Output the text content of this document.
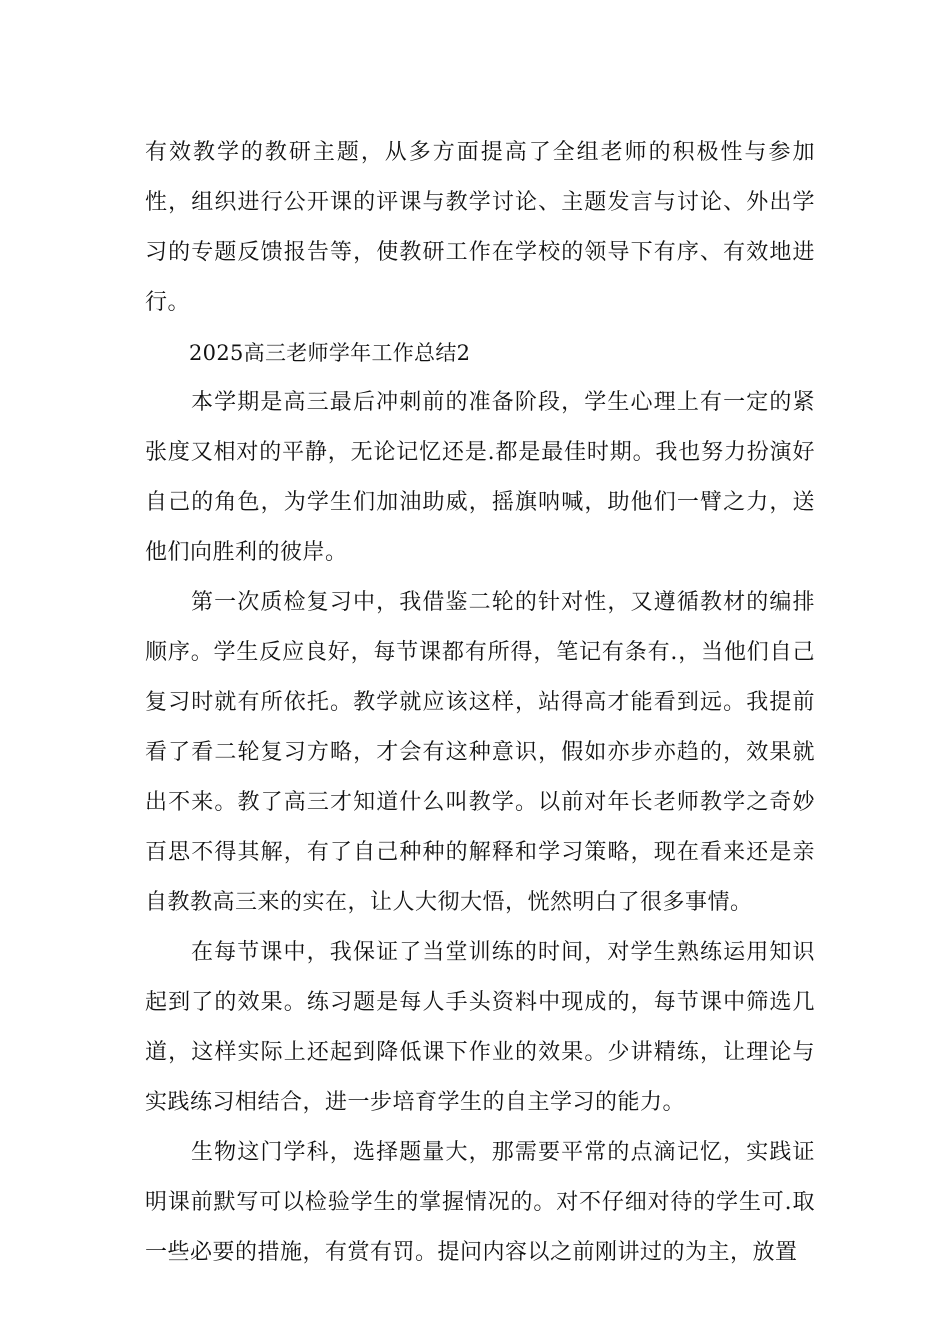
有效教学的教研主题，从多方面提高了全组老师的积极性与参加性，组织进行公开课的评课与教学讨论、主题发言与讨论、外出学习的专题反馈报告等，使教研工作在学校的领导下有序、有效地进行。

2025高三老师学年工作总结2

本学期是高三最后冲刺前的准备阶段，学生心理上有一定的紧张度又相对的平静，无论记忆还是.都是最佳时期。我也努力扮演好自己的角色，为学生们加油助威，摇旗呐喊，助他们一臂之力，送他们向胜利的彼岸。

第一次质检复习中，我借鉴二轮的针对性，又遵循教材的编排顺序。学生反应良好，每节课都有所得，笔记有条有.，当他们自己复习时就有所依托。教学就应该这样，站得高才能看到远。我提前看了看二轮复习方略，才会有这种意识，假如亦步亦趋的，效果就出不来。教了高三才知道什么叫教学。以前对年长老师教学之奇妙百思不得其解，有了自己种种的解释和学习策略，现在看来还是亲自教教高三来的实在，让人大彻大悟，恍然明白了很多事情。

在每节课中，我保证了当堂训练的时间，对学生熟练运用知识起到了的效果。练习题是每人手头资料中现成的，每节课中筛选几道，这样实际上还起到降低课下作业的效果。少讲精练，让理论与实践练习相结合，进一步培育学生的自主学习的能力。

生物这门学科，选择题量大，那需要平常的点滴记忆，实践证明课前默写可以检验学生的掌握情况的。对不仔细对待的学生可.取一些必要的措施，有赏有罚。提问内容以之前刚讲过的为主，放置
